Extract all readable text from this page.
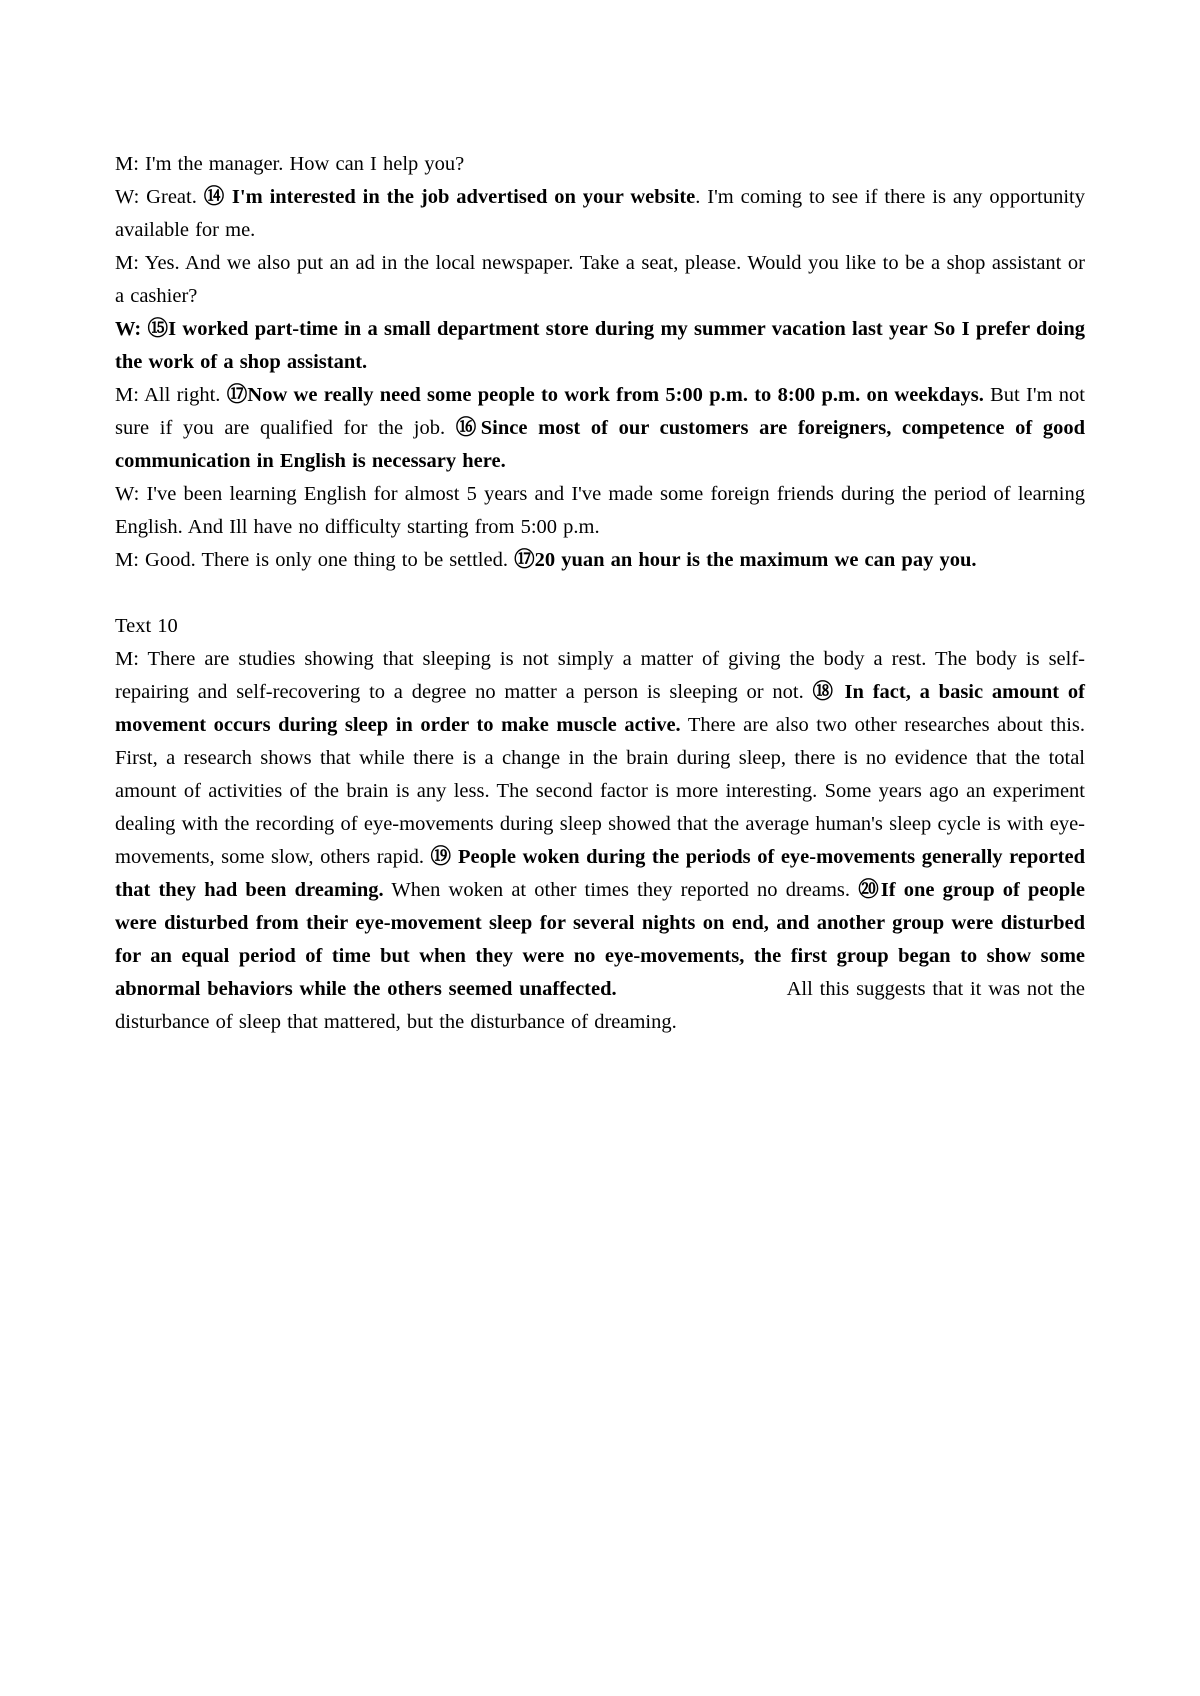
M: I'm the manager. How can I help you?

W: Great. ⑭ I'm interested in the job advertised on your website. I'm coming to see if there is any opportunity available for me.

M: Yes. And we also put an ad in the local newspaper. Take a seat, please. Would you like to be a shop assistant or a cashier?

W: ⑮I worked part-time in a small department store during my summer vacation last year So I prefer doing the work of a shop assistant.

M: All right. ⑰Now we really need some people to work from 5:00 p.m. to 8:00 p.m. on weekdays. But I'm not sure if you are qualified for the job. ⑯Since most of our customers are foreigners, competence of good communication in English is necessary here.

W: I've been learning English for almost 5 years and I've made some foreign friends during the period of learning English. And Ill have no difficulty starting from 5:00 p.m.

M: Good. There is only one thing to be settled. ⑰20 yuan an hour is the maximum we can pay you.

Text 10

M: There are studies showing that sleeping is not simply a matter of giving the body a rest. The body is self-repairing and self-recovering to a degree no matter a person is sleeping or not. ⑱ In fact, a basic amount of movement occurs during sleep in order to make muscle active. There are also two other researches about this. First, a research shows that while there is a change in the brain during sleep, there is no evidence that the total amount of activities of the brain is any less. The second factor is more interesting. Some years ago an experiment dealing with the recording of eye-movements during sleep showed that the average human's sleep cycle is with eye-movements, some slow, others rapid. ⑲ People woken during the periods of eye-movements generally reported that they had been dreaming. When woken at other times they reported no dreams. ⑳If one group of people were disturbed from their eye-movement sleep for several nights on end, and another group were disturbed for an equal period of time but when they were no eye-movements, the first group began to show some abnormal behaviors while the others seemed unaffected.	All this suggests that it was not the disturbance of sleep that mattered, but the disturbance of dreaming.
